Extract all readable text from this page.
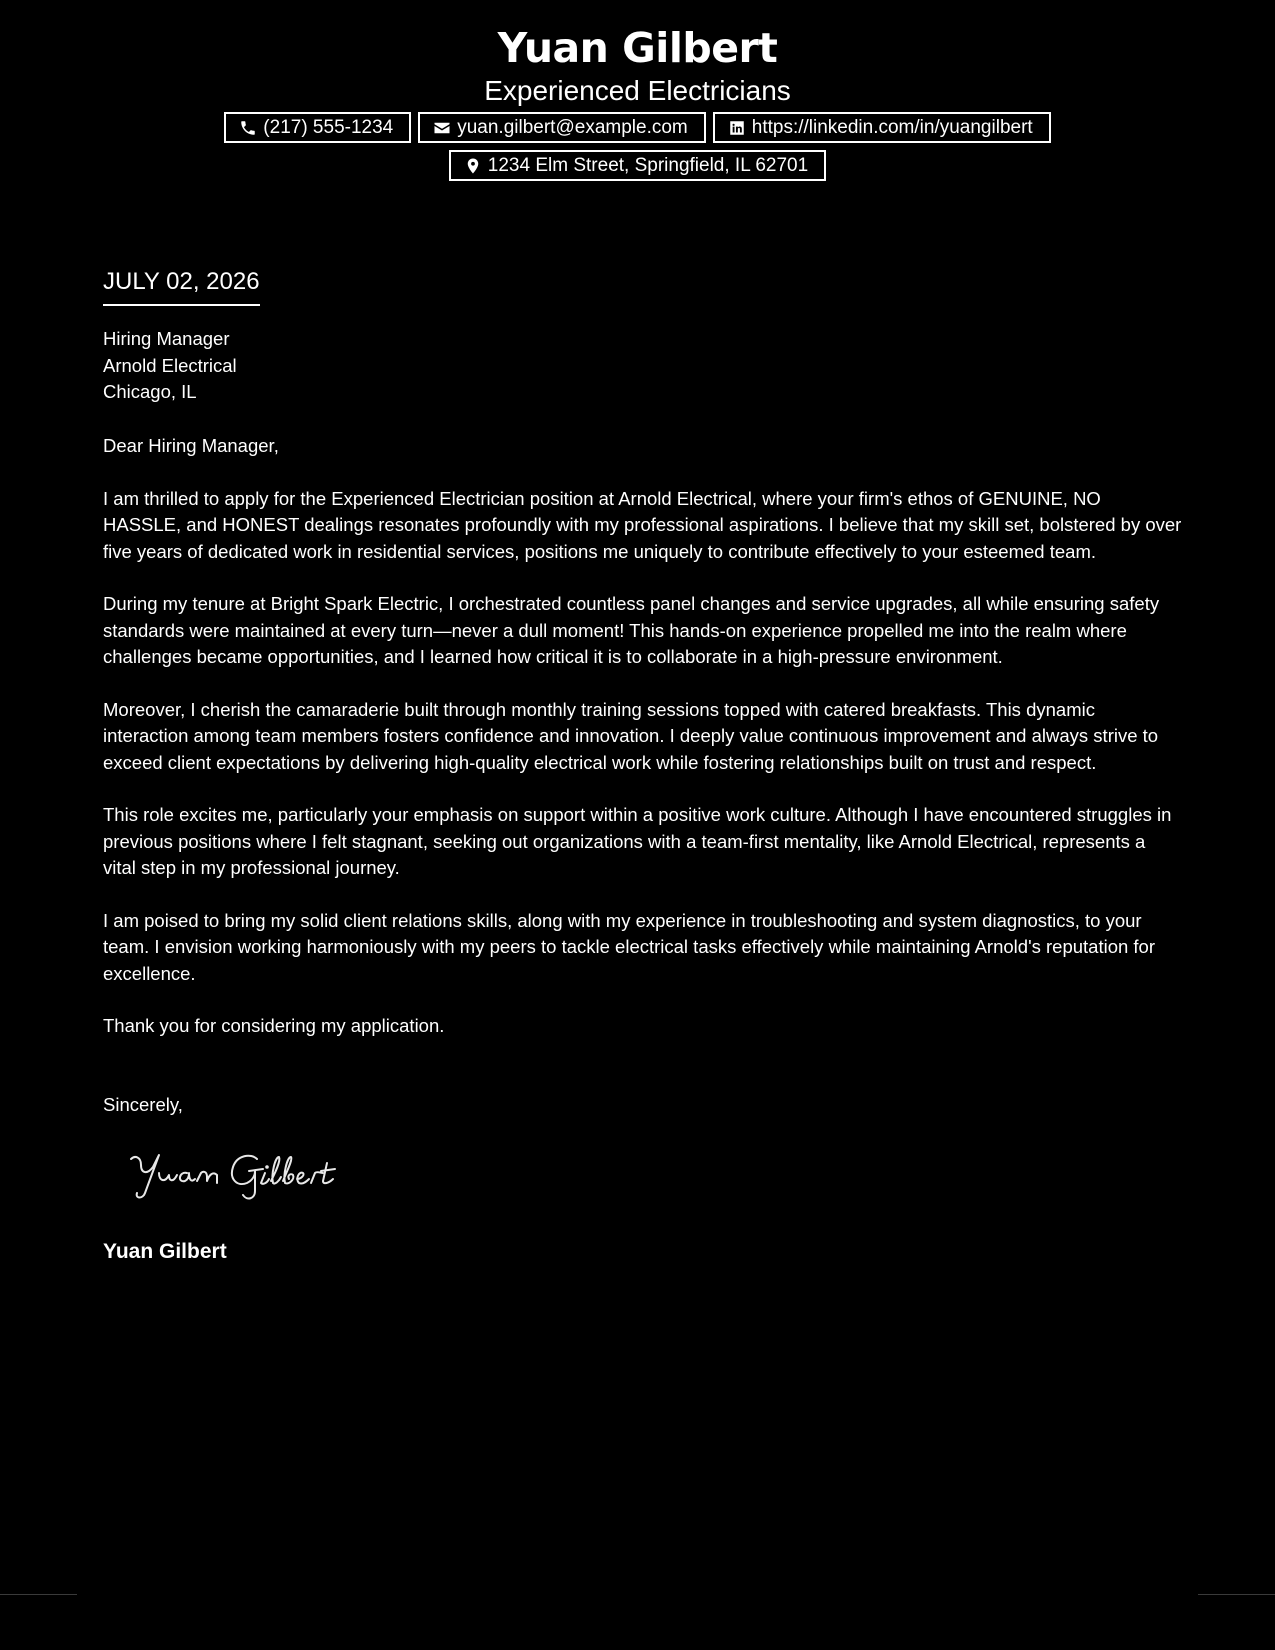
Yuan Gilbert
Experienced Electricians
(217) 555-1234	yuan.gilbert@example.com	https://linkedin.com/in/yuangilbert
1234 Elm Street, Springfield, IL 62701
JULY 02, 2026
Hiring Manager
Arnold Electrical
Chicago, IL

Dear Hiring Manager,

I am thrilled to apply for the Experienced Electrician position at Arnold Electrical, where your firm's ethos of GENUINE, NO HASSLE, and HONEST dealings resonates profoundly with my professional aspirations. I believe that my skill set, bolstered by over five years of dedicated work in residential services, positions me uniquely to contribute effectively to your esteemed team.

During my tenure at Bright Spark Electric, I orchestrated countless panel changes and service upgrades, all while ensuring safety standards were maintained at every turn—never a dull moment! This hands-on experience propelled me into the realm where challenges became opportunities, and I learned how critical it is to collaborate in a high-pressure environment.

Moreover, I cherish the camaraderie built through monthly training sessions topped with catered breakfasts. This dynamic interaction among team members fosters confidence and innovation. I deeply value continuous improvement and always strive to exceed client expectations by delivering high-quality electrical work while fostering relationships built on trust and respect.

This role excites me, particularly your emphasis on support within a positive work culture. Although I have encountered struggles in previous positions where I felt stagnant, seeking out organizations with a team-first mentality, like Arnold Electrical, represents a vital step in my professional journey.

I am poised to bring my solid client relations skills, along with my experience in troubleshooting and system diagnostics, to your team. I envision working harmoniously with my peers to tackle electrical tasks effectively while maintaining Arnold's reputation for excellence.

Thank you for considering my application.

Sincerely,
Yuan Gilbert
